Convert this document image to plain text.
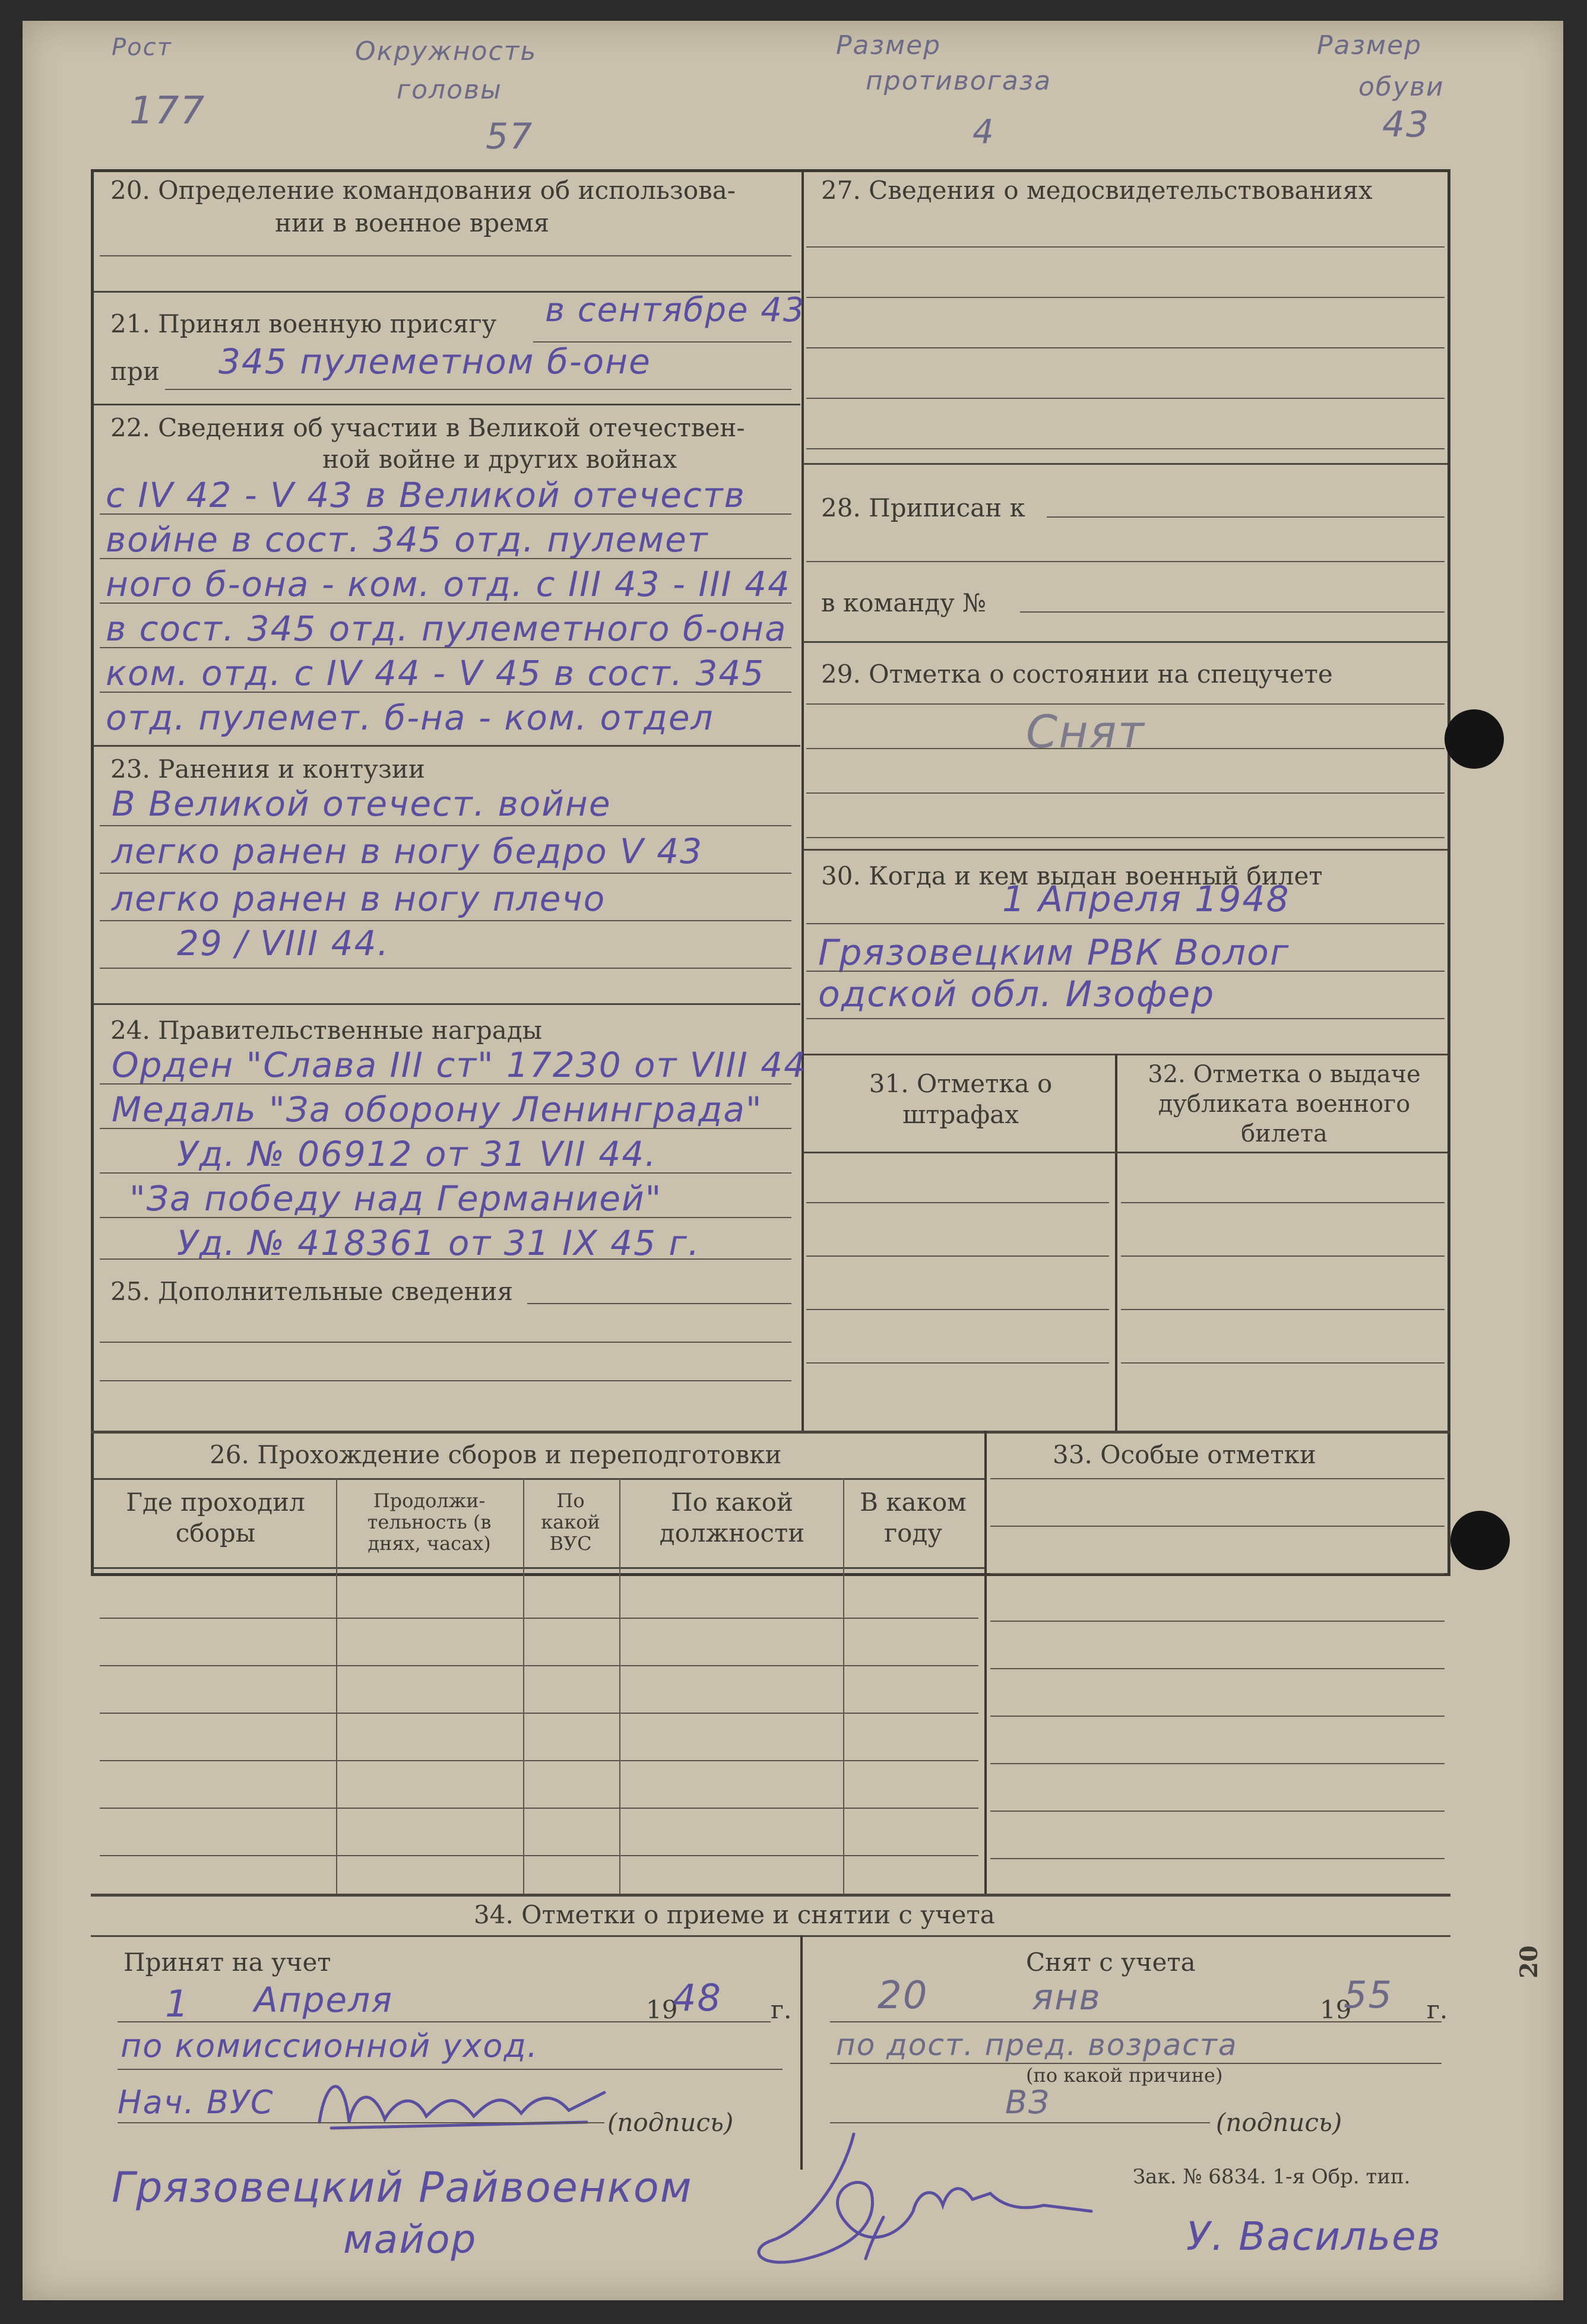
Рост
177
Окружность
головы
57
Размер
противогаза
4
Размер
обуви
43
20. Определение командования об использова-
нии в военное время
21. Принял военную присягу в сентябре 43
при 345 пулеметном б-оне
22. Сведения об участии в Великой отечествен-
ной войне и других войнах
с IV 42 - V 43 в Великой отечеств
войне в сост. 345 отд. пулемет
ного б-она - ком. отд. с III 43 - III 44
в сост. 345 отд. пулеметного б-она
ком. отд. с IV 44 - V 45 в сост. 345
отд. пулемет. б-на - ком. отдел
23. Ранения и контузии
В Великой отечест. войне
легко ранен в ногу бедро V 43
легко ранен в ногу плечо
29 / VIII 44.
24. Правительственные награды
Орден "Слава III ст" 17230 от VIII 44
Медаль "За оборону Ленинграда"
Уд. № 06912 от 31 VII 44.
"За победу над Германией"
Уд. № 418361 от 31 IX 45 г.
25. Дополнительные сведения
27. Сведения о медосвидетельствованиях
28. Приписан к
в команду №
29. Отметка о состоянии на спецучете
Снят
30. Когда и кем выдан военный билет
1 Апреля 1948
Грязовецким РВК Волог
одской обл. Изофер
31. Отметка о штрафах
32. Отметка о выдаче дубликата военного билета
26. Прохождение сборов и переподготовки
Где проходил сборы
Продолжи-тельность (в днях, часах)
По какой ВУС
По какой должности
В каком году
33. Особые отметки
34. Отметки о приеме и снятии с учета
Принят на учет
1 Апреля	19
48 г.
по комиссионной уход.
Нач. ВУС
(подпись)
Снят с учета
20	янв	19
55 г.
по дост. пред. возраста
(по какой причине)
ВЗ
(подпись)
20
Грязовецкий Райвоенком
майор
Зак. № 6834. 1-я Обр. тип.
У. Васильев
